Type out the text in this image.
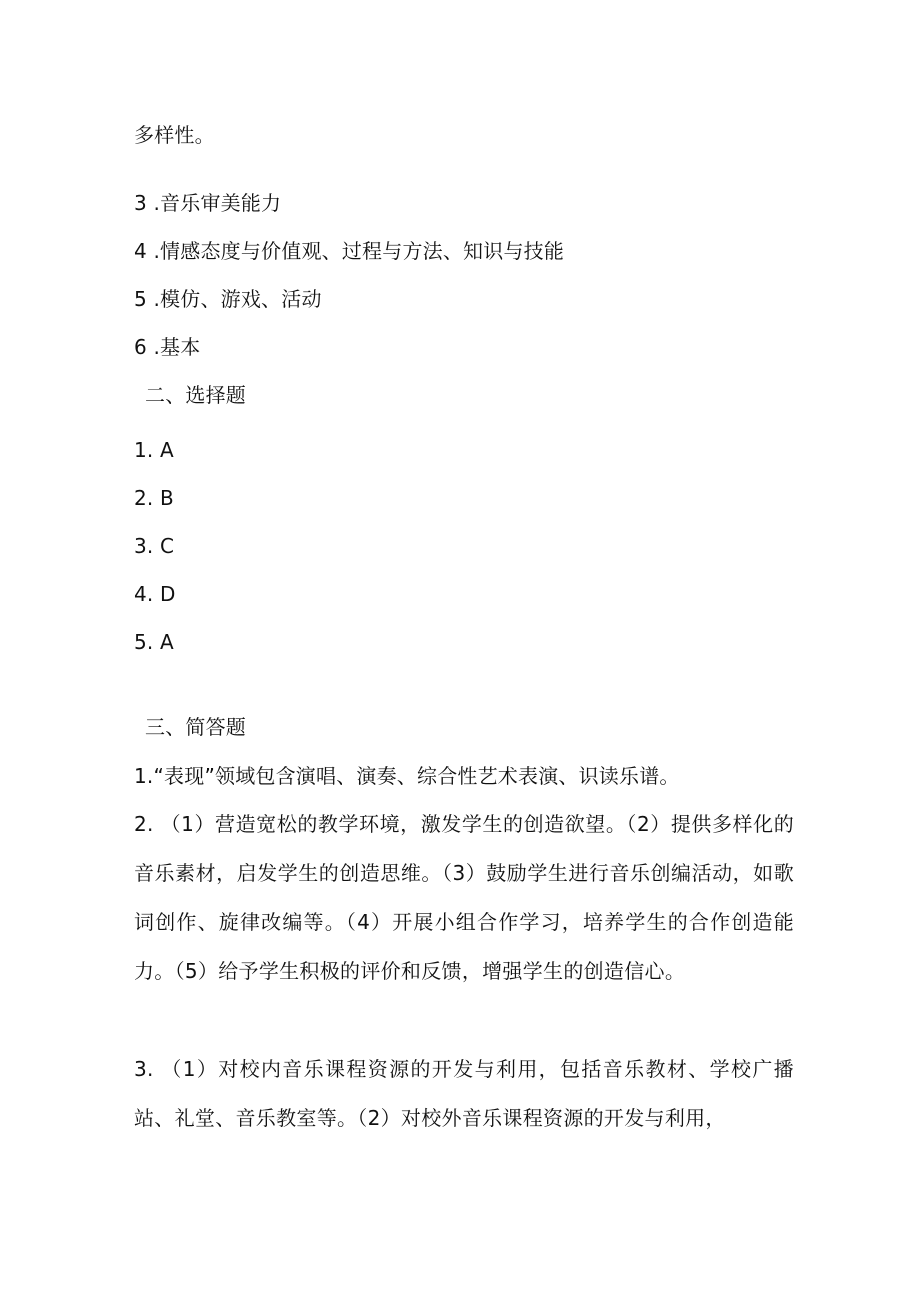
多样性。
3 .音乐审美能力
4 .情感态度与价值观、过程与方法、知识与技能
5 .模仿、游戏、活动
6 .基本
二、选择题
1. A
2. B
3. C
4. D
5. A
三、简答题
1.“表现”领域包含演唱、演奏、综合性艺术表演、识读乐谱。
2. （1）营造宽松的教学环境，激发学生的创造欲望。（2）提供多样化的音乐素材，启发学生的创造思维。（3）鼓励学生进行音乐创编活动，如歌词创作、旋律改编等。（4）开展小组合作学习，培养学生的合作创造能力。（5）给予学生积极的评价和反馈，增强学生的创造信心。
3. （1）对校内音乐课程资源的开发与利用，包括音乐教材、学校广播站、礼堂、音乐教室等。（2）对校外音乐课程资源的开发与利用，
